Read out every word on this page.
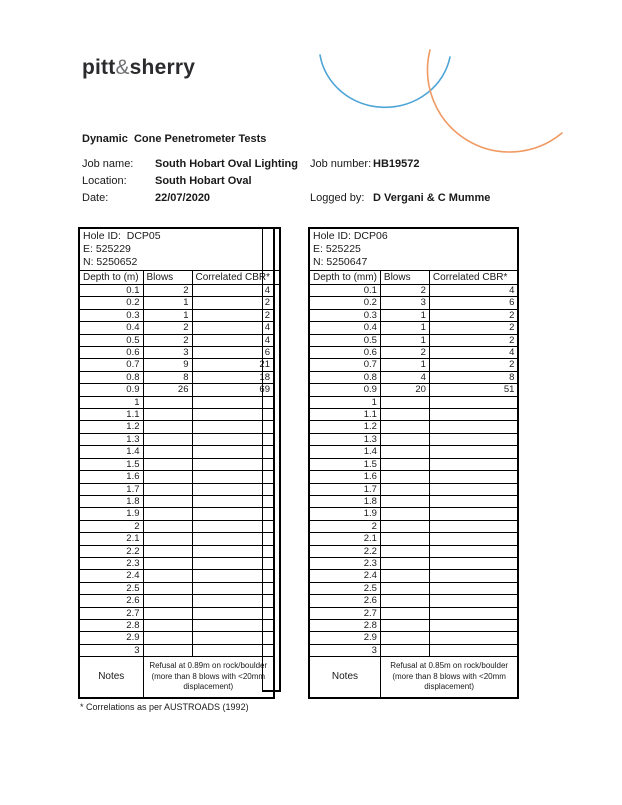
pitt&sherry
Dynamic  Cone Penetrometer Tests
Job name: South Hobart Oval Lighting
Location:	South Hobart Oval
Date:	22/07/2020
Job number: HB19572
Logged by: D Vergani & C Mumme
Hole ID:  DCP05
E: 525229
N: 5250652		

Depth to (m)	Blows	Correlated CBR*
0.1	2	4
0.2	1	2
0.3	1	2
0.4	2	4
0.5	2	4
0.6	3	6
0.7	9	21
0.8	8	18
0.9	26	69
1		
1.1		
1.2		
1.3		
1.4		
1.5		
1.6		
1.7		
1.8		
1.9		
2		
2.1		
2.2		
2.3		
2.4		
2.5		
2.6		
2.7		
2.8		
2.9		
3		
Notes	Refusal at 0.89m on rock/boulder (more than 8 blows with <20mm displacement)	
Hole ID: DCP06
E: 525225
N: 5250647		

Depth to (mm)	Blows	Correlated CBR*
0.1	2	4
0.2	3	6
0.3	1	2
0.4	1	2
0.5	1	2
0.6	2	4
0.7	1	2
0.8	4	8
0.9	20	51
1		
1.1		
1.2		
1.3		
1.4		
1.5		
1.6		
1.7		
1.8		
1.9		
2		
2.1		
2.2		
2.3		
2.4		
2.5		
2.6		
2.7		
2.8		
2.9		
3		
Notes	Refusal at 0.85m on rock/boulder (more than 8 blows with <20mm displacement)	
* Correlations as per AUSTROADS (1992)
